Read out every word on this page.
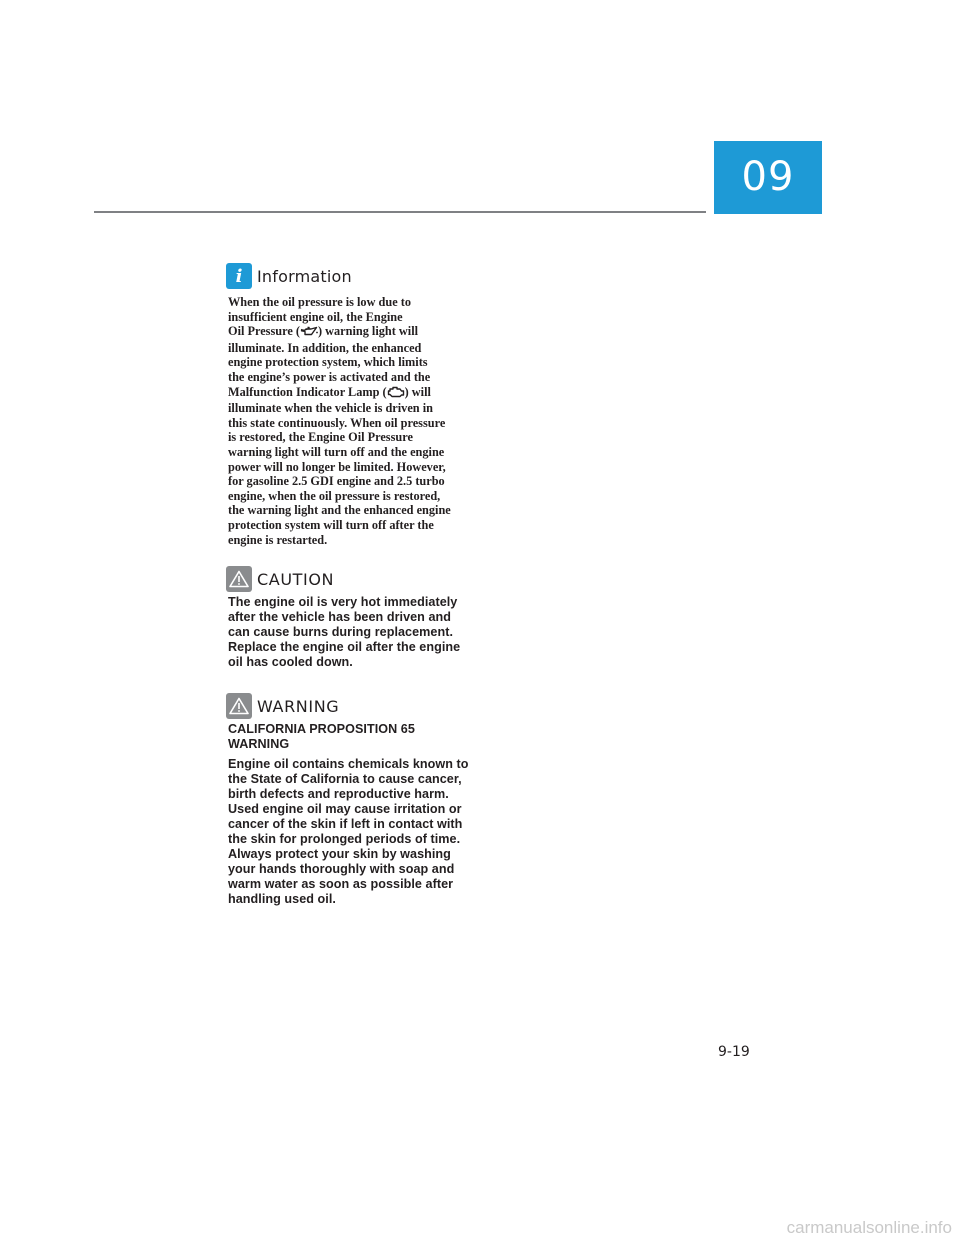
09
i Information
When the oil pressure is low due to
insufficient engine oil, the Engine
Oil Pressure ( ) warning light will
illuminate. In addition, the enhanced
engine protection system, which limits
the engine’s power is activated and the
Malfunction Indicator Lamp ( ) will
illuminate when the vehicle is driven in
this state continuously. When oil pressure
is restored, the Engine Oil Pressure
warning light will turn off and the engine
power will no longer be limited. However,
for gasoline 2.5 GDI engine and 2.5 turbo
engine, when the oil pressure is restored,
the warning light and the enhanced engine
protection system will turn off after the
engine is restarted.
CAUTION
The engine oil is very hot immediately
after the vehicle has been driven and
can cause burns during replacement.
Replace the engine oil after the engine
oil has cooled down.
WARNING
CALIFORNIA PROPOSITION 65
WARNING
Engine oil contains chemicals known to
the State of California to cause cancer,
birth defects and reproductive harm.
Used engine oil may cause irritation or
cancer of the skin if left in contact with
the skin for prolonged periods of time.
Always protect your skin by washing
your hands thoroughly with soap and
warm water as soon as possible after
handling used oil.
9-19
carmanualsonline.info
